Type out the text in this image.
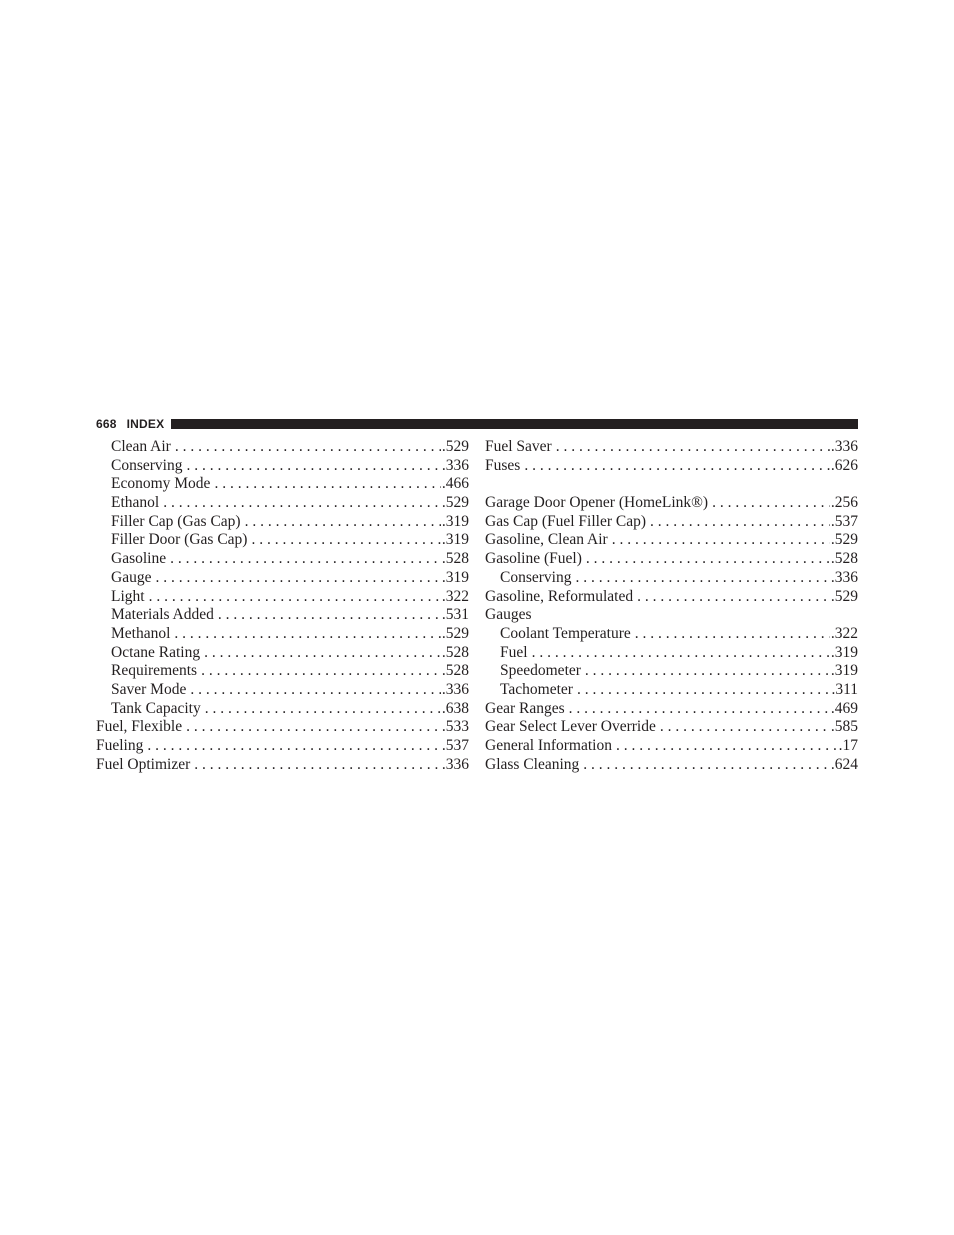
668 INDEX
Clean Air . . .	.529
Conserving . . .	.336
Economy Mode . . .	.466
Ethanol . . .	.529
Filler Cap (Gas Cap) . . .	.319
Filler Door (Gas Cap) . . .	.319
Gasoline . . .	.528
Gauge . . .	.319
Light . . .	.322
Materials Added . . .	.531
Methanol . . .	.529
Octane Rating . . .	.528
Requirements . . .	.528
Saver Mode . . .	.336
Tank Capacity . . .	.638
Fuel, Flexible . . .	.533
Fueling . . .	.537
Fuel Optimizer . . .	.336
Fuel Saver . . .	.336
Fuses . . .	.626
Garage Door Opener (HomeLink®) . . .	.256
Gas Cap (Fuel Filler Cap) . . .	.537
Gasoline, Clean Air . . .	.529
Gasoline (Fuel) . . .	.528
Conserving . . .	.336
Gasoline, Reformulated . . .	.529
Gauges
Coolant Temperature . . .	.322
Fuel . . .	.319
Speedometer . . .	.319
Tachometer . . .	.311
Gear Ranges . . .	.469
Gear Select Lever Override . . .	.585
General Information . . .	.17
Glass Cleaning . . .	.624
